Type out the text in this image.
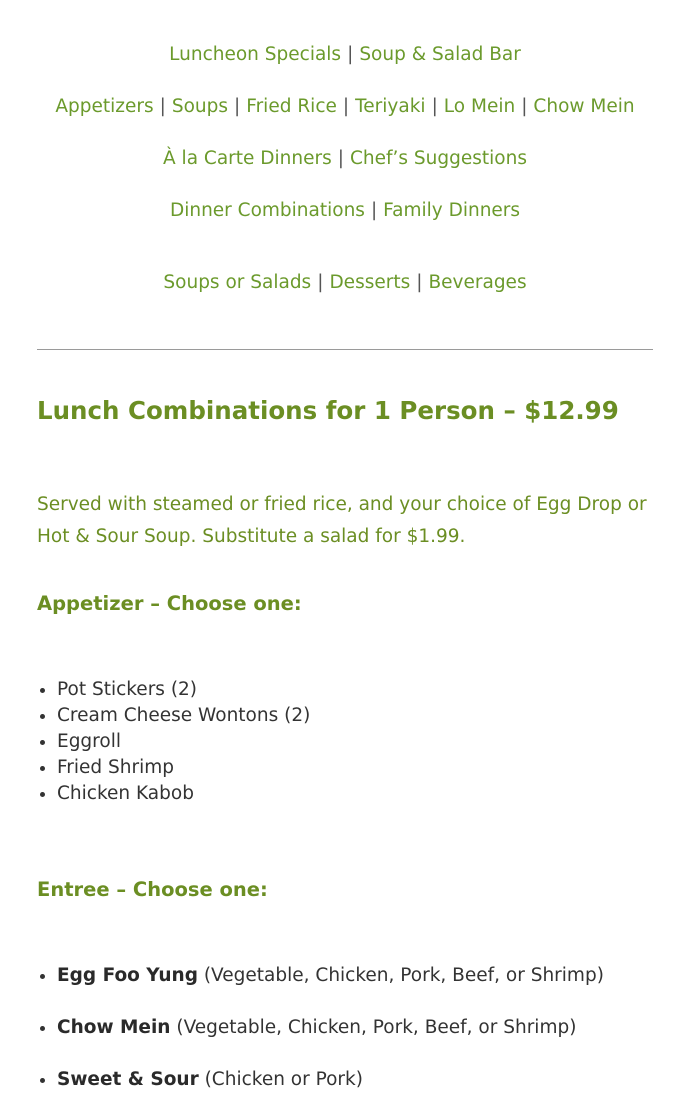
Luncheon Specials | Soup & Salad Bar
Appetizers | Soups | Fried Rice | Teriyaki | Lo Mein | Chow Mein
À la Carte Dinners | Chef’s Suggestions
Dinner Combinations | Family Dinners
Soups or Salads | Desserts | Beverages
Lunch Combinations for 1 Person – $12.99

Served with steamed or fried rice, and your choice of Egg Drop or Hot & Sour Soup. Substitute a salad for $1.99.

Appetizer – Choose one:
• Pot Stickers (2)
• Cream Cheese Wontons (2)
• Eggroll
• Fried Shrimp
• Chicken Kabob
Entree – Choose one:
• Egg Foo Yung (Vegetable, Chicken, Pork, Beef, or Shrimp)
• Chow Mein (Vegetable, Chicken, Pork, Beef, or Shrimp)
• Sweet & Sour (Chicken or Pork)
